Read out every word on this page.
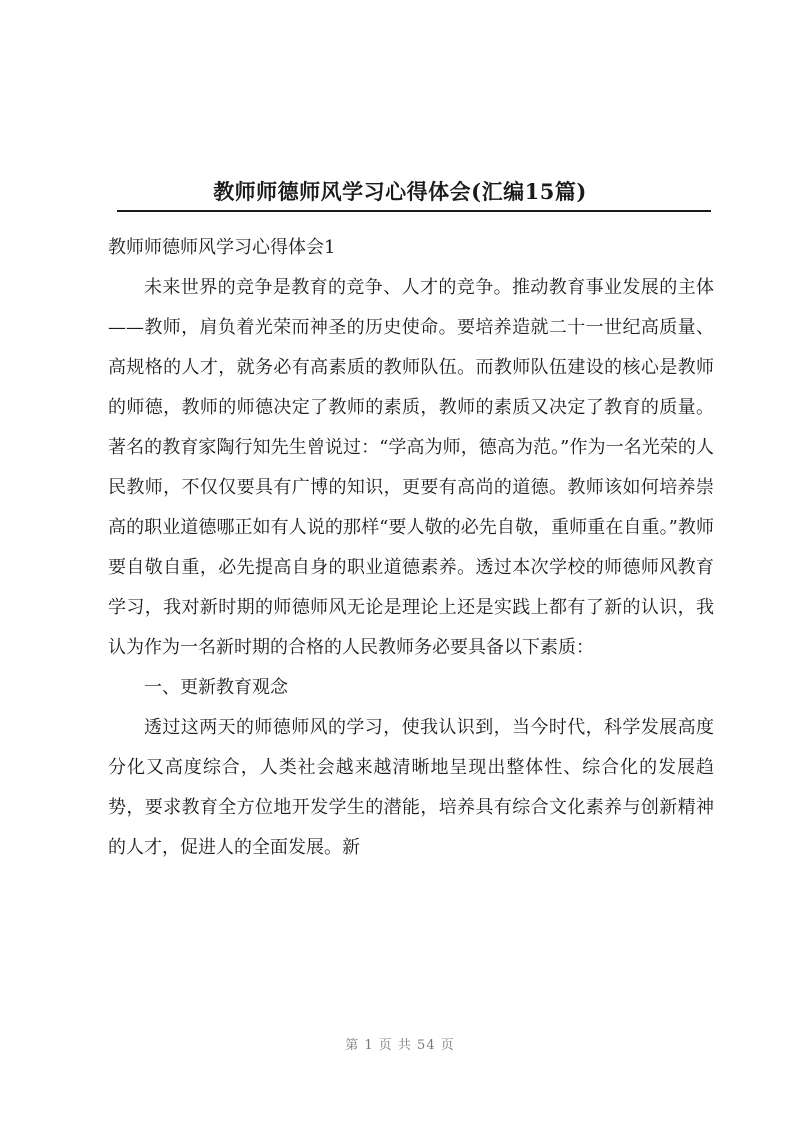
教师师德师风学习心得体会(汇编15篇)

教师师德师风学习心得体会1

未来世界的竞争是教育的竞争、人才的竞争。推动教育事业发展的主体——教师，肩负着光荣而神圣的历史使命。要培养造就二十一世纪高质量、高规格的人才，就务必有高素质的教师队伍。而教师队伍建设的核心是教师的师德，教师的师德决定了教师的素质，教师的素质又决定了教育的质量。著名的教育家陶行知先生曾说过：“学高为师，德高为范。”作为一名光荣的人民教师，不仅仅要具有广博的知识，更要有高尚的道德。教师该如何培养崇高的职业道德哪正如有人说的那样“要人敬的必先自敬，重师重在自重。”教师要自敬自重，必先提高自身的职业道德素养。透过本次学校的师德师风教育学习，我对新时期的师德师风无论是理论上还是实践上都有了新的认识，我认为作为一名新时期的合格的人民教师务必要具备以下素质：

一、更新教育观念

透过这两天的师德师风的学习，使我认识到，当今时代，科学发展高度分化又高度综合，人类社会越来越清晰地呈现出整体性、综合化的发展趋势，要求教育全方位地开发学生的潜能，培养具有综合文化素养与创新精神的人才，促进人的全面发展。新

第 1 页 共 54 页
